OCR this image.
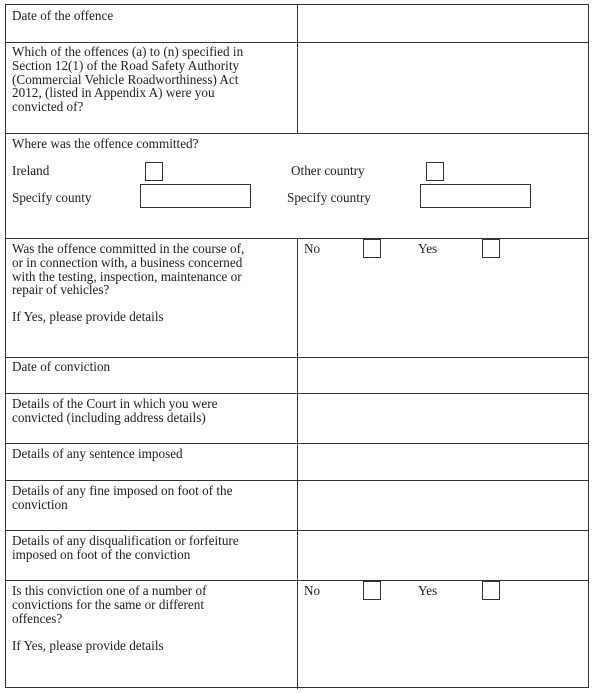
Date of the offence
Which of the offences (a) to (n) specified in
Section 12(1) of the Road Safety Authority
(Commercial Vehicle Roadworthiness) Act
2012, (listed in Appendix A) were you
convicted of?
Where was the offence committed?
Ireland	Other country
Specify county	Specify country
Was the offence committed in the course of,
or in connection with, a business concerned
with the testing, inspection, maintenance or
repair of vehicles?
If Yes, please provide details
No	Yes
Date of conviction
Details of the Court in which you were
convicted (including address details)
Details of any sentence imposed
Details of any fine imposed on foot of the
conviction
Details of any disqualification or forfeiture
imposed on foot of the conviction
Is this conviction one of a number of
convictions for the same or different
offences?
If Yes, please provide details
No	Yes
